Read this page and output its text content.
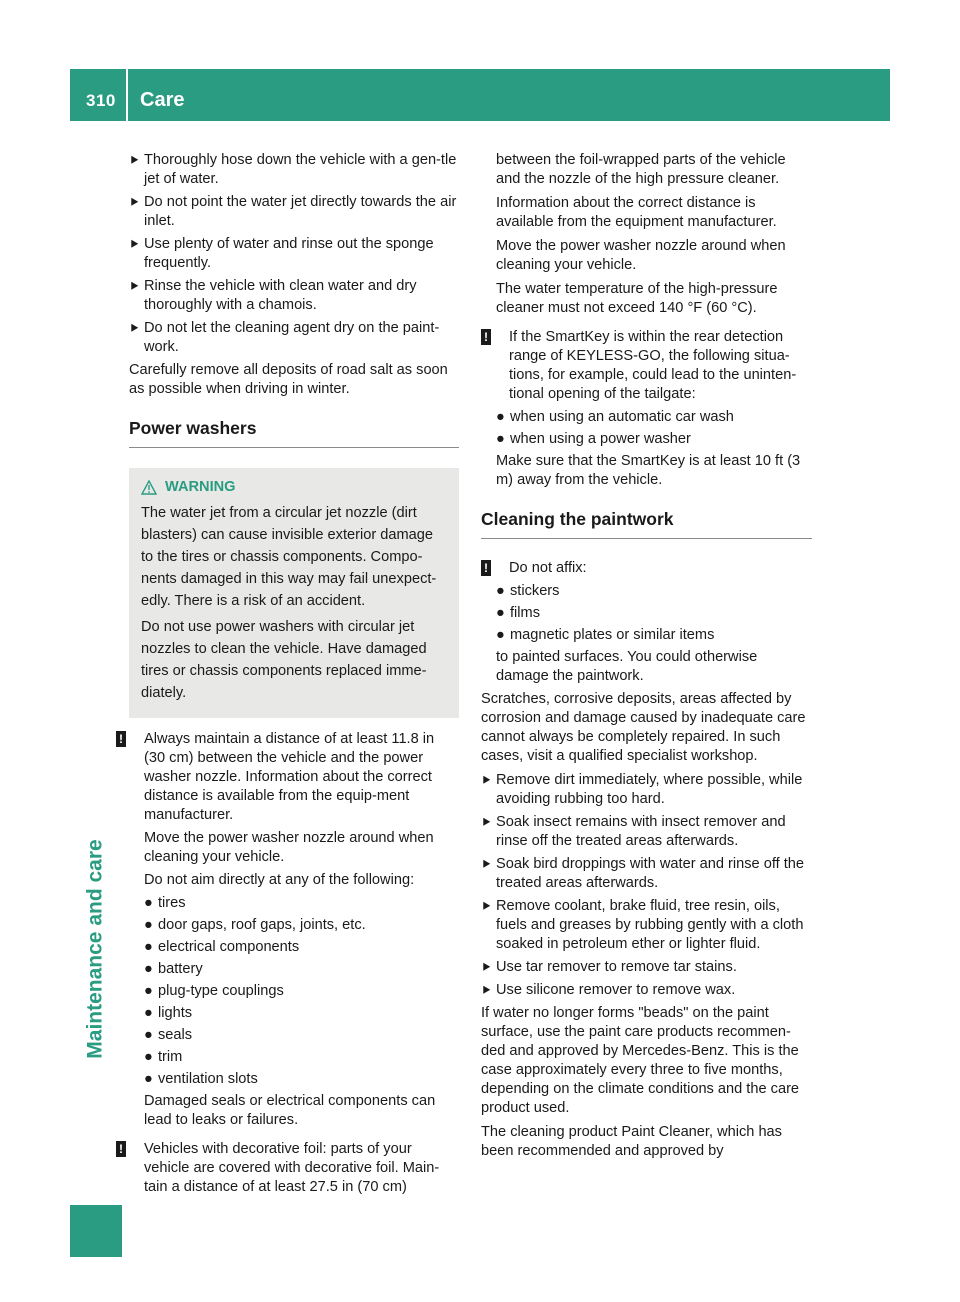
310	Care
Maintenance and care
⯈ Thoroughly hose down the vehicle with a gen-tle jet of water.
⯈ Do not point the water jet directly towards the air inlet.
⯈ Use plenty of water and rinse out the sponge frequently.
⯈ Rinse the vehicle with clean water and dry thoroughly with a chamois.
⯈ Do not let the cleaning agent dry on the paint-work.

Carefully remove all deposits of road salt as soon as possible when driving in winter.

Power washers
WARNING

The water jet from a circular jet nozzle (dirt blasters) can cause invisible exterior damage to the tires or chassis components. Compo-nents damaged in this way may fail unexpect-edly. There is a risk of an accident.

Do not use power washers with circular jet nozzles to clean the vehicle. Have damaged tires or chassis components replaced imme-diately.

! Always maintain a distance of at least 11.8 in (30 cm) between the vehicle and the power washer nozzle. Information about the correct distance is available from the equip-ment manufacturer.

Move the power washer nozzle around when cleaning your vehicle.

Do not aim directly at any of the following:

● tires
● door gaps, roof gaps, joints, etc.
● electrical components
● battery
● plug-type couplings
● lights
● seals
● trim
● ventilation slots

Damaged seals or electrical components can lead to leaks or failures.

! Vehicles with decorative foil: parts of your vehicle are covered with decorative foil. Main-tain a distance of at least 27.5 in (70 cm)

between the foil-wrapped parts of the vehicle and the nozzle of the high pressure cleaner.

Information about the correct distance is available from the equipment manufacturer.

Move the power washer nozzle around when cleaning your vehicle.

The water temperature of the high-pressure cleaner must not exceed 140 °F (60 °C).

! If the SmartKey is within the rear detection range of KEYLESS-GO, the following situa-tions, for example, could lead to the uninten-tional opening of the tailgate:

● when using an automatic car wash
● when using a power washer

Make sure that the SmartKey is at least 10 ft (3 m) away from the vehicle.

Cleaning the paintwork
! Do not affix:

● stickers
● films
● magnetic plates or similar items

to painted surfaces. You could otherwise damage the paintwork.

Scratches, corrosive deposits, areas affected by corrosion and damage caused by inadequate care cannot always be completely repaired. In such cases, visit a qualified specialist workshop.

⯈ Remove dirt immediately, where possible, while avoiding rubbing too hard.
⯈ Soak insect remains with insect remover and rinse off the treated areas afterwards.
⯈ Soak bird droppings with water and rinse off the treated areas afterwards.
⯈ Remove coolant, brake fluid, tree resin, oils, fuels and greases by rubbing gently with a cloth soaked in petroleum ether or lighter fluid.
⯈ Use tar remover to remove tar stains.
⯈ Use silicone remover to remove wax.

If water no longer forms "beads" on the paint surface, use the paint care products recommen-ded and approved by Mercedes-Benz. This is the case approximately every three to five months, depending on the climate conditions and the care product used.

The cleaning product Paint Cleaner, which has been recommended and approved by
